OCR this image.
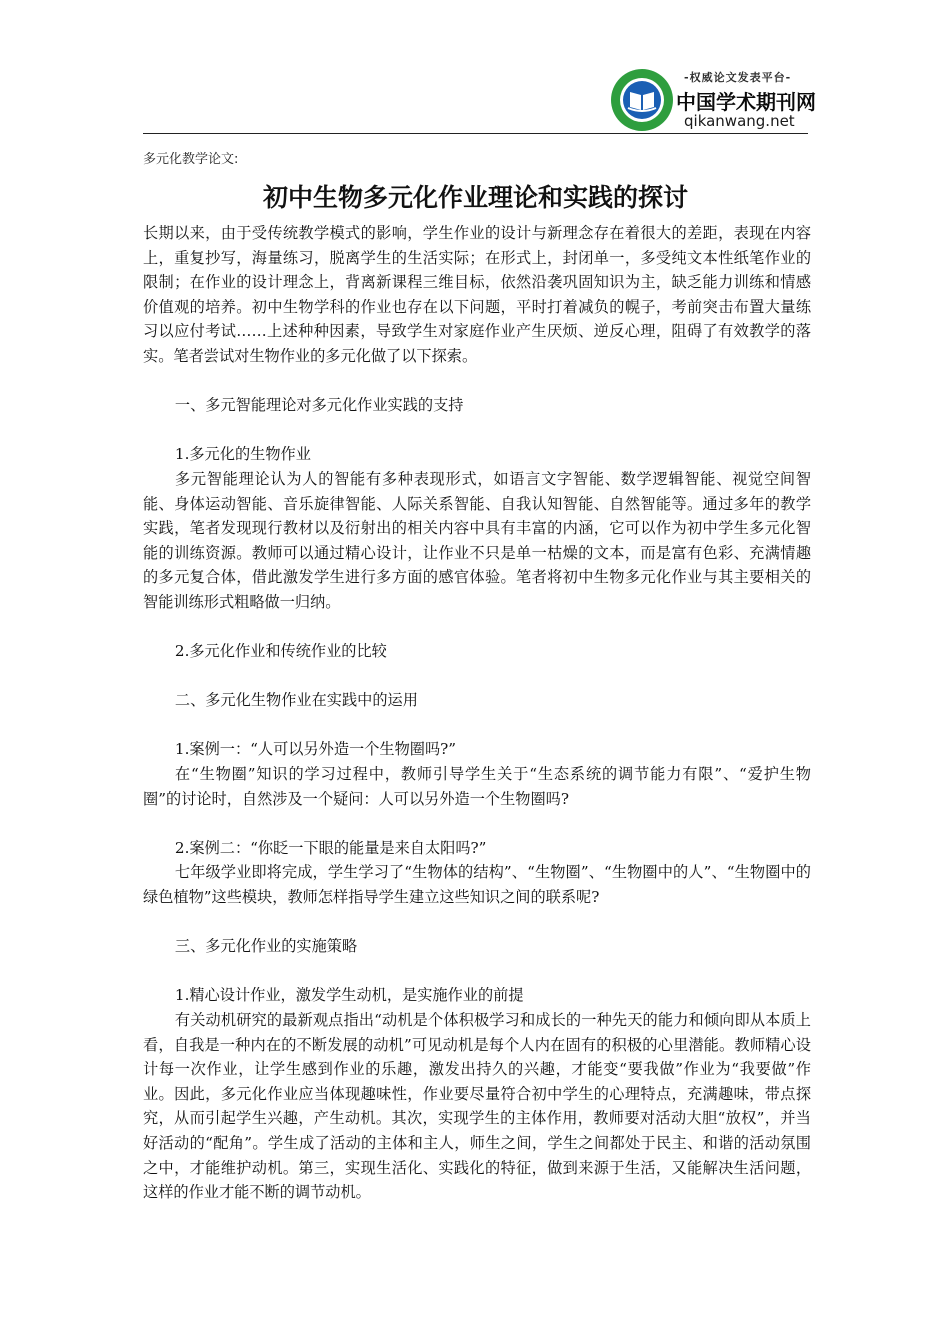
-权威论文发表平台-
中国学术期刊网
qikanwang.net
多元化教学论文:
初中生物多元化作业理论和实践的探讨

长期以来，由于受传统教学模式的影响，学生作业的设计与新理念存在着很大的差距，表现在内容上，重复抄写，海量练习，脱离学生的生活实际；在形式上，封闭单一，多受纯文本性纸笔作业的限制；在作业的设计理念上，背离新课程三维目标，依然沿袭巩固知识为主，缺乏能力训练和情感价值观的培养。初中生物学科的作业也存在以下问题，平时打着减负的幌子，考前突击布置大量练习以应付考试……上述种种因素，导致学生对家庭作业产生厌烦、逆反心理，阻碍了有效教学的落实。笔者尝试对生物作业的多元化做了以下探索。

一、多元智能理论对多元化作业实践的支持

1.多元化的生物作业

多元智能理论认为人的智能有多种表现形式，如语言文字智能、数学逻辑智能、视觉空间智能、身体运动智能、音乐旋律智能、人际关系智能、自我认知智能、自然智能等。通过多年的教学实践，笔者发现现行教材以及衍射出的相关内容中具有丰富的内涵，它可以作为初中学生多元化智能的训练资源。教师可以通过精心设计，让作业不只是单一枯燥的文本，而是富有色彩、充满情趣的多元复合体，借此激发学生进行多方面的感官体验。笔者将初中生物多元化作业与其主要相关的智能训练形式粗略做一归纳。

2.多元化作业和传统作业的比较

二、多元化生物作业在实践中的运用

1.案例一：“人可以另外造一个生物圈吗?”

在“生物圈”知识的学习过程中，教师引导学生关于“生态系统的调节能力有限”、“爱护生物圈”的讨论时，自然涉及一个疑问：人可以另外造一个生物圈吗?

2.案例二：“你眨一下眼的能量是来自太阳吗?”

七年级学业即将完成，学生学习了“生物体的结构”、“生物圈”、“生物圈中的人”、“生物圈中的绿色植物”这些模块，教师怎样指导学生建立这些知识之间的联系呢?

三、多元化作业的实施策略

1.精心设计作业，激发学生动机，是实施作业的前提

有关动机研究的最新观点指出“动机是个体积极学习和成长的一种先天的能力和倾向即从本质上看，自我是一种内在的不断发展的动机”可见动机是每个人内在固有的积极的心里潜能。教师精心设计每一次作业，让学生感到作业的乐趣，激发出持久的兴趣，才能变“要我做”作业为“我要做”作业。因此，多元化作业应当体现趣味性，作业要尽量符合初中学生的心理特点，充满趣味，带点探究，从而引起学生兴趣，产生动机。其次，实现学生的主体作用，教师要对活动大胆“放权”，并当好活动的“配角”。学生成了活动的主体和主人，师生之间，学生之间都处于民主、和谐的活动氛围之中，才能维护动机。第三，实现生活化、实践化的特征，做到来源于生活，又能解决生活问题，这样的作业才能不断的调节动机。
